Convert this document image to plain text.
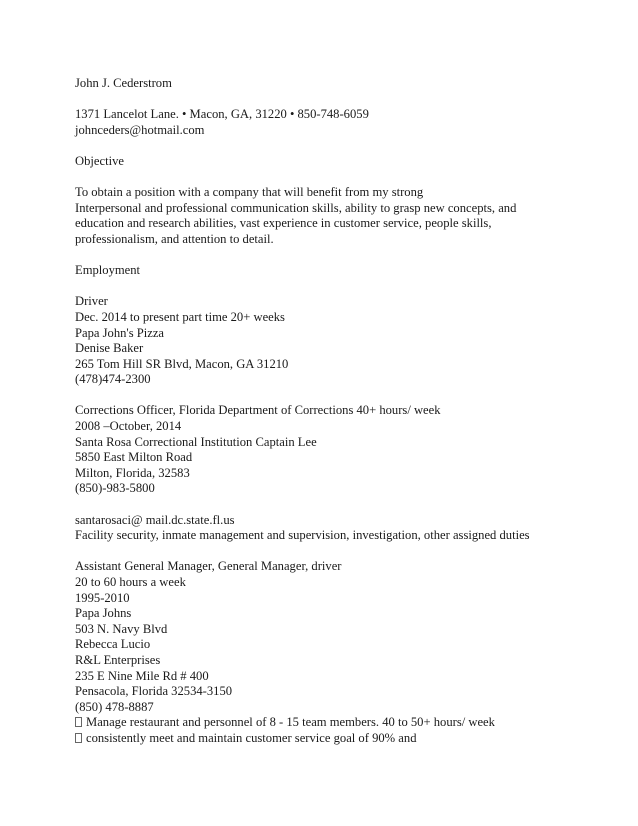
John J. Cederstrom
1371 Lancelot Lane. • Macon, GA, 31220 • 850-748-6059
johnceders@hotmail.com
Objective
To obtain a position with a company that will benefit from my strong
Interpersonal and professional communication skills, ability to grasp new concepts, and
education and research abilities, vast experience in customer service, people skills,
professionalism, and attention to detail.
Employment
Driver
Dec. 2014 to present part time 20+ weeks
Papa John's Pizza
Denise Baker
265 Tom Hill SR Blvd, Macon, GA 31210
(478)474-2300
Corrections Officer, Florida Department of Corrections 40+ hours/ week
2008 –October, 2014
Santa Rosa Correctional Institution Captain Lee
5850 East Milton Road
Milton, Florida, 32583
(850)-983-5800
santarosaci@ mail.dc.state.fl.us
Facility security, inmate management and supervision, investigation, other assigned duties
Assistant General Manager, General Manager, driver
20 to 60 hours a week
1995-2010
Papa Johns
503 N. Navy Blvd
Rebecca Lucio
R&L Enterprises
235 E Nine Mile Rd # 400
Pensacola, Florida 32534-3150
(850) 478-8887
Manage restaurant and personnel of 8 - 15 team members. 40 to 50+ hours/ week
consistently meet and maintain customer service goal of 90% and
